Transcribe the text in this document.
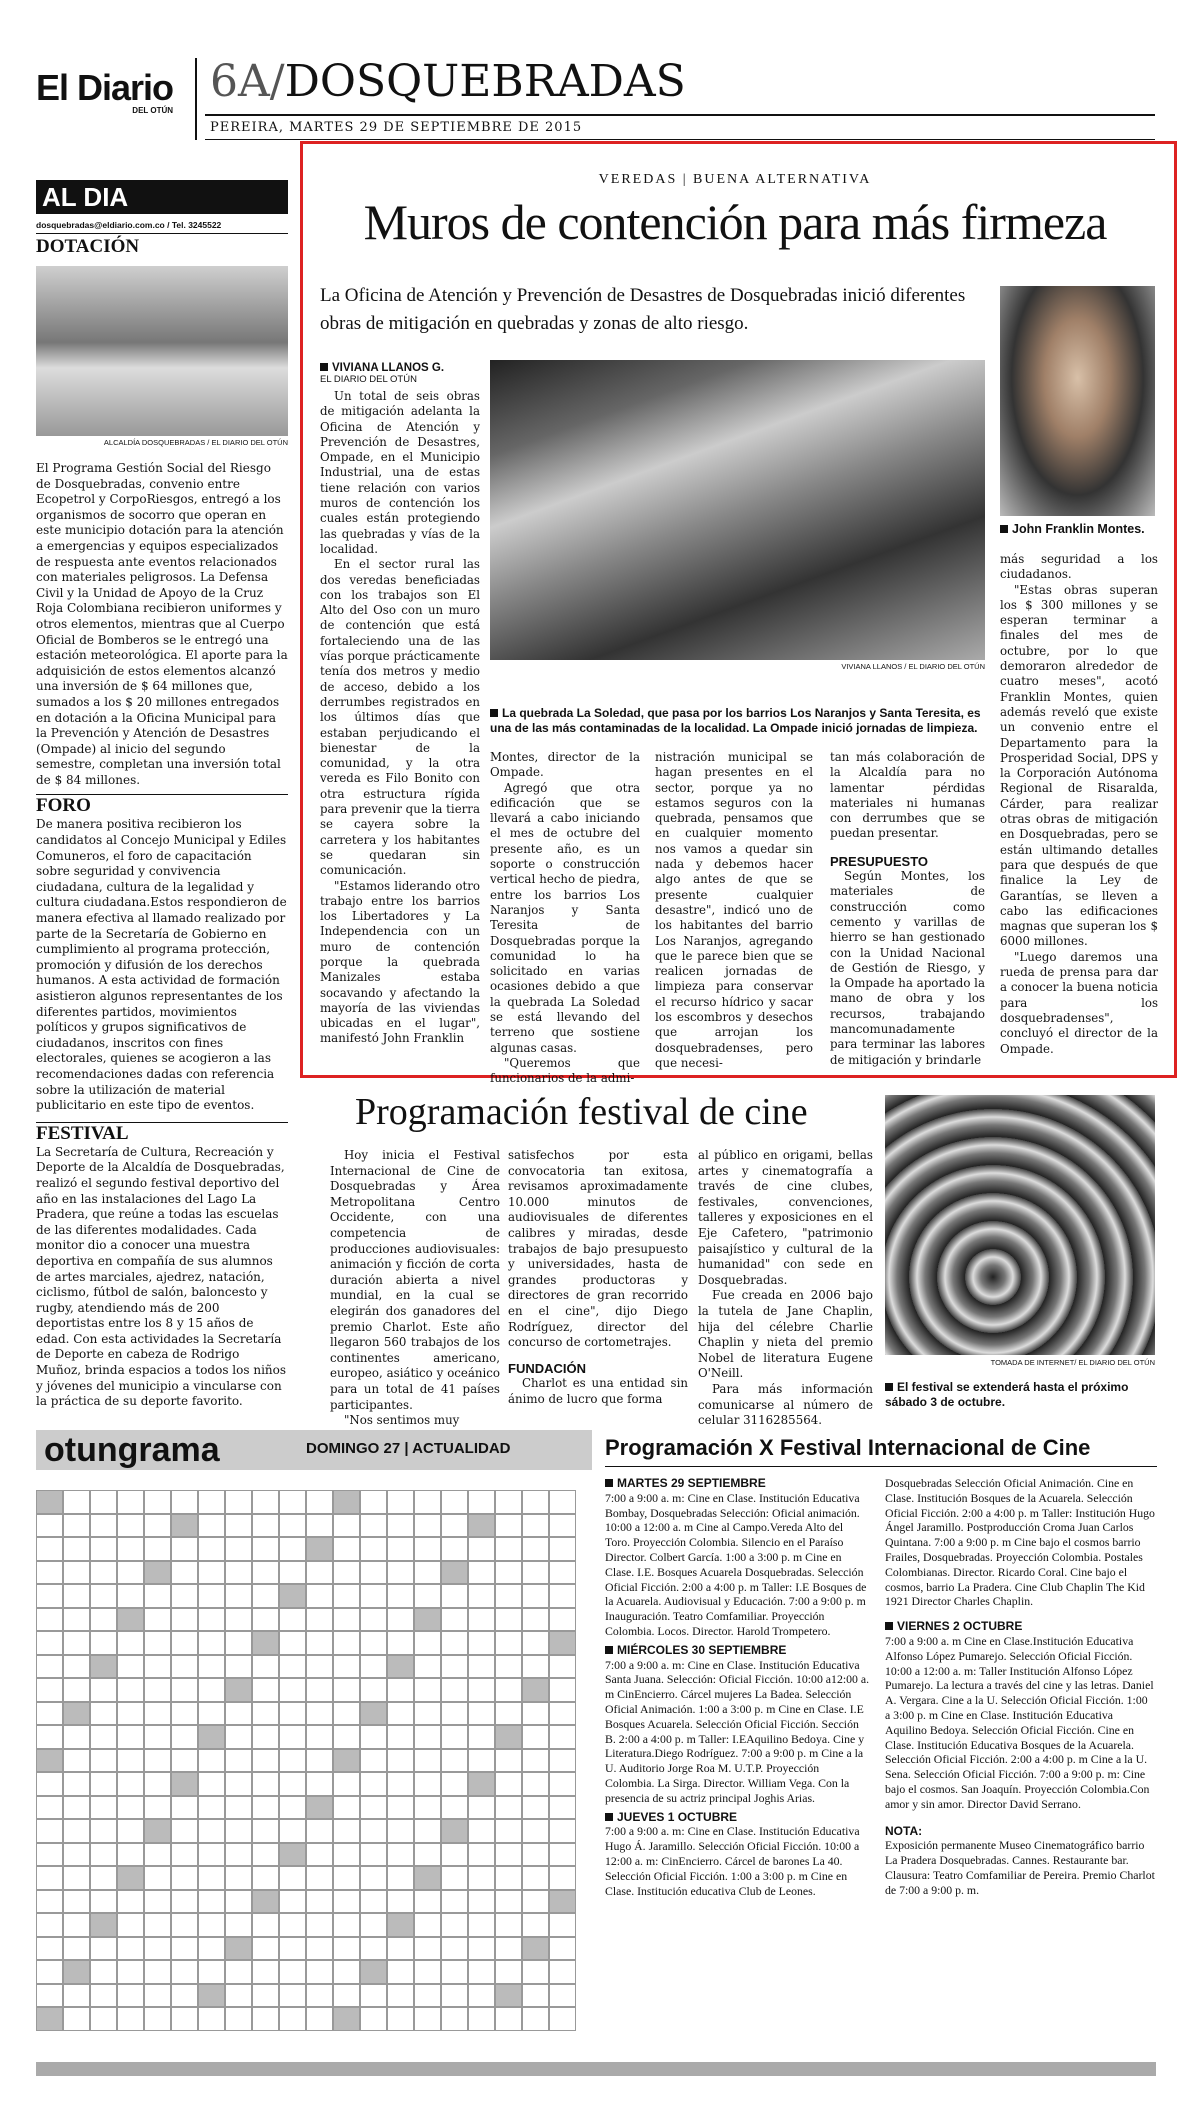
El Diario
DEL OTÚN
6A/DOSQUEBRADAS
PEREIRA, MARTES 29 DE SEPTIEMBRE DE 2015
AL DIA
dosquebradas@eldiario.com.co / Tel. 3245522
DOTACIÓN
ALCALDÍA DOSQUEBRADAS / EL DIARIO DEL OTÚN
El Programa Gestión Social del Riesgo de Dosquebradas, convenio entre Ecopetrol y CorpoRiesgos, entregó a los organismos de socorro que operan en este municipio dotación para la atención a emergencias y equipos especializados de respuesta ante eventos relacionados con materiales peligrosos. La Defensa Civil y la Unidad de Apoyo de la Cruz Roja Colombiana recibieron uniformes y otros elementos, mientras que al Cuerpo Oficial de Bomberos se le entregó una estación meteorológica. El aporte para la adquisición de estos elementos alcanzó una inversión de $ 64 millones que, sumados a los $ 20 millones entregados en dotación a la Oficina Municipal para la Prevención y Atención de Desastres (Ompade) al inicio del segundo semestre, completan una inversión total de $ 84 millones.
FORO
De manera positiva recibieron los candidatos al Concejo Municipal y Ediles Comuneros, el foro de capacitación sobre seguridad y convivencia ciudadana, cultura de la legalidad y cultura ciudadana.Estos respondieron de manera efectiva al llamado realizado por parte de la Secretaría de Gobierno en cumplimiento al programa protección, promoción y difusión de los derechos humanos. A esta actividad de formación asistieron algunos representantes de los diferentes partidos, movimientos políticos y grupos significativos de ciudadanos, inscritos con fines electorales, quienes se acogieron a las recomendaciones dadas con referencia sobre la utilización de material publicitario en este tipo de eventos.
FESTIVAL
La Secretaría de Cultura, Recreación y Deporte de la Alcaldía de Dosquebradas, realizó el segundo festival deportivo del año en las instalaciones del Lago La Pradera, que reúne a todas las escuelas de las diferentes modalidades. Cada monitor dio a conocer una muestra deportiva en compañía de sus alumnos de artes marciales, ajedrez, natación, ciclismo, fútbol de salón, baloncesto y rugby, atendiendo más de 200 deportistas entre los 8 y 15 años de edad. Con esta actividades la Secretaría de Deporte en cabeza de Rodrigo Muñoz, brinda espacios a todos los niños y jóvenes del municipio a vincularse con la práctica de su deporte favorito.
VEREDAS | BUENA ALTERNATIVA
Muros de contención para más firmeza
La Oficina de Atención y Prevención de Desastres de Dosquebradas inició diferentes obras de mitigación en quebradas y zonas de alto riesgo.
John Franklin Montes.
VIVIANA LLANOS / EL DIARIO DEL OTÚN
La quebrada La Soledad, que pasa por los barrios Los Naranjos y Santa Teresita, es una de las más contaminadas de la localidad. La Ompade inició jornadas de limpieza.
VIVIANA LLANOS G.
EL DIARIO DEL OTÚN

Un total de seis obras de mitigación adelanta la Oficina de Atención y Prevención de Desastres, Ompade, en el Municipio Industrial, una de estas tiene relación con varios muros de contención los cuales están protegiendo las quebradas y vías de la localidad.

En el sector rural las dos veredas beneficiadas con los trabajos son El Alto del Oso con un muro de contención que está fortaleciendo una de las vías porque prácticamente tenía dos metros y medio de acceso, debido a los derrumbes registrados en los últimos días que estaban perjudicando el bienestar de la comunidad, y la otra vereda es Filo Bonito con otra estructura rígida para prevenir que la tierra se cayera sobre la carretera y los habitantes se quedaran sin comunicación.

"Estamos liderando otro trabajo entre los barrios los Libertadores y La Independencia con un muro de contención porque la quebrada Manizales estaba socavando y afectando la mayoría de las viviendas ubicadas en el lugar", manifestó John Franklin

Montes, director de la Ompade.

Agregó que otra edificación que se llevará a cabo iniciando el mes de octubre del presente año, es un soporte o construcción vertical hecho de piedra, entre los barrios Los Naranjos y Santa Teresita de Dosquebradas porque la comunidad lo ha solicitado en varias ocasiones debido a que la quebrada La Soledad se está llevando del terreno que sostiene algunas casas.

"Queremos que funcionarios de la admi-

nistración municipal se hagan presentes en el sector, porque ya no estamos seguros con la quebrada, pensamos que en cualquier momento nos vamos a quedar sin nada y debemos hacer algo antes de que se presente cualquier desastre", indicó uno de los habitantes del barrio Los Naranjos, agregando que le parece bien que se realicen jornadas de limpieza para conservar el recurso hídrico y sacar los escombros y desechos que arrojan los dosquebradenses, pero que necesi-

tan más colaboración de la Alcaldía para no lamentar pérdidas materiales ni humanas con derrumbes que se puedan presentar.

PRESUPUESTO

Según Montes, los materiales de construcción como cemento y varillas de hierro se han gestionado con la Unidad Nacional de Gestión de Riesgo, y la Ompade ha aportado la mano de obra y los recursos, trabajando mancomunadamente para terminar las labores de mitigación y brindarle

más seguridad a los ciudadanos.

"Estas obras superan los $ 300 millones y se esperan terminar a finales del mes de octubre, por lo que demoraron alrededor de cuatro meses", acotó Franklin Montes, quien además reveló que existe un convenio entre el Departamento para la Prosperidad Social, DPS y la Corporación Autónoma Regional de Risaralda, Cárder, para realizar otras obras de mitigación en Dosquebradas, pero se están ultimando detalles para que después de que finalice la Ley de Garantías, se lleven a cabo las edificaciones magnas que superan los $ 6000 millones.

"Luego daremos una rueda de prensa para dar a conocer la buena noticia para los dosquebradenses", concluyó el director de la Ompade.

Programación festival de cine
TOMADA DE INTERNET/ EL DIARIO DEL OTÚN
El festival se extenderá hasta el próximo sábado 3 de octubre.

Hoy inicia el Festival Internacional de Cine de Dosquebradas y Área Metropolitana Centro Occidente, con una competencia de producciones audiovisuales: animación y ficción de corta duración abierta a nivel mundial, en la cual se elegirán dos ganadores del premio Charlot. Este año llegaron 560 trabajos de los continentes americano, europeo, asiático y oceánico para un total de 41 países participantes.

"Nos sentimos muy

satisfechos por esta convocatoria tan exitosa, revisamos aproximadamente 10.000 minutos de audiovisuales de diferentes calibres y miradas, desde trabajos de bajo presupuesto y universidades, hasta de grandes productoras y directores de gran recorrido en el cine", dijo Diego Rodríguez, director del concurso de cortometrajes.

FUNDACIÓN

Charlot es una entidad sin ánimo de lucro que forma

al público en origami, bellas artes y cinematografía a través de cine clubes, festivales, convenciones, talleres y exposiciones en el Eje Cafetero, "patrimonio paisajístico y cultural de la humanidad" con sede en Dosquebradas.

Fue creada en 2006 bajo la tutela de Jane Chaplin, hija del célebre Charlie Chaplin y nieta del premio Nobel de literatura Eugene O'Neill.

Para más información comunicarse al número de celular 3116285564.

otungrama	DOMINGO 27 | ACTUALIDAD	Programación X Festival Internacional de Cine
MARTES 29 SEPTIEMBRE

7:00 a 9:00 a. m: Cine en Clase. Institución Educativa Bombay, Dosquebradas Selección: Oficial animación. 10:00 a 12:00 a. m Cine al Campo.Vereda Alto del Toro. Proyección Colombia. Silencio en el Paraíso Director. Colbert García. 1:00 a 3:00 p. m Cine en Clase. I.E. Bosques Acuarela Dosquebradas. Selección Oficial Ficción. 2:00 a 4:00 p. m Taller: I.E Bosques de la Acuarela. Audiovisual y Educación. 7:00 a 9:00 p. m Inauguración. Teatro Comfamiliar. Proyección Colombia. Locos. Director. Harold Trompetero.

MIÉRCOLES 30 SEPTIEMBRE

7:00 a 9:00 a. m: Cine en Clase. Institución Educativa Santa Juana. Selección: Oficial Ficción. 10:00 a12:00 a. m CinEncierro. Cárcel mujeres La Badea. Selección Oficial Animación. 1:00 a 3:00 p. m Cine en Clase. I.E Bosques Acuarela. Selección Oficial Ficción. Sección B. 2:00 a 4:00 p. m Taller: I.EAquilino Bedoya. Cine y Literatura.Diego Rodríguez. 7:00 a 9:00 p. m Cine a la U. Auditorio Jorge Roa M. U.T.P. Proyección Colombia. La Sirga. Director. William Vega. Con la presencia de su actriz principal Joghis Arias.

JUEVES 1 OCTUBRE

7:00 a 9:00 a. m: Cine en Clase. Institución Educativa Hugo Á. Jaramillo. Selección Oficial Ficción. 10:00 a 12:00 a. m: CinEncierro. Cárcel de barones La 40. Selección Oficial Ficción. 1:00 a 3:00 p. m Cine en Clase. Institución educativa Club de Leones.

Dosquebradas Selección Oficial Animación. Cine en Clase. Institución Bosques de la Acuarela. Selección Oficial Ficción. 2:00 a 4:00 p. m Taller: Institución Hugo Ángel Jaramillo. Postproducción Croma Juan Carlos Quintana. 7:00 a 9:00 p. m Cine bajo el cosmos barrio Frailes, Dosquebradas. Proyección Colombia. Postales Colombianas. Director. Ricardo Coral. Cine bajo el cosmos, barrio La Pradera. Cine Club Chaplin The Kid 1921 Director Charles Chaplin.

VIERNES 2 OCTUBRE

7:00 a 9:00 a. m Cine en Clase.Institución Educativa Alfonso López Pumarejo. Selección Oficial Ficción. 10:00 a 12:00 a. m: Taller Institución Alfonso López Pumarejo. La lectura a través del cine y las letras. Daniel A. Vergara. Cine a la U. Selección Oficial Ficción. 1:00 a 3:00 p. m Cine en Clase. Institución Educativa Aquilino Bedoya. Selección Oficial Ficción. Cine en Clase. Institución Educativa Bosques de la Acuarela. Selección Oficial Ficción. 2:00 a 4:00 p. m Cine a la U. Sena. Selección Oficial Ficción. 7:00 a 9:00 p. m: Cine bajo el cosmos. San Joaquín. Proyección Colombia.Con amor y sin amor. Director David Serrano.

NOTA:

Exposición permanente Museo Cinematográfico barrio La Pradera Dosquebradas. Cannes. Restaurante bar. Clausura: Teatro Comfamiliar de Pereira. Premio Charlot de 7:00 a 9:00 p. m.
